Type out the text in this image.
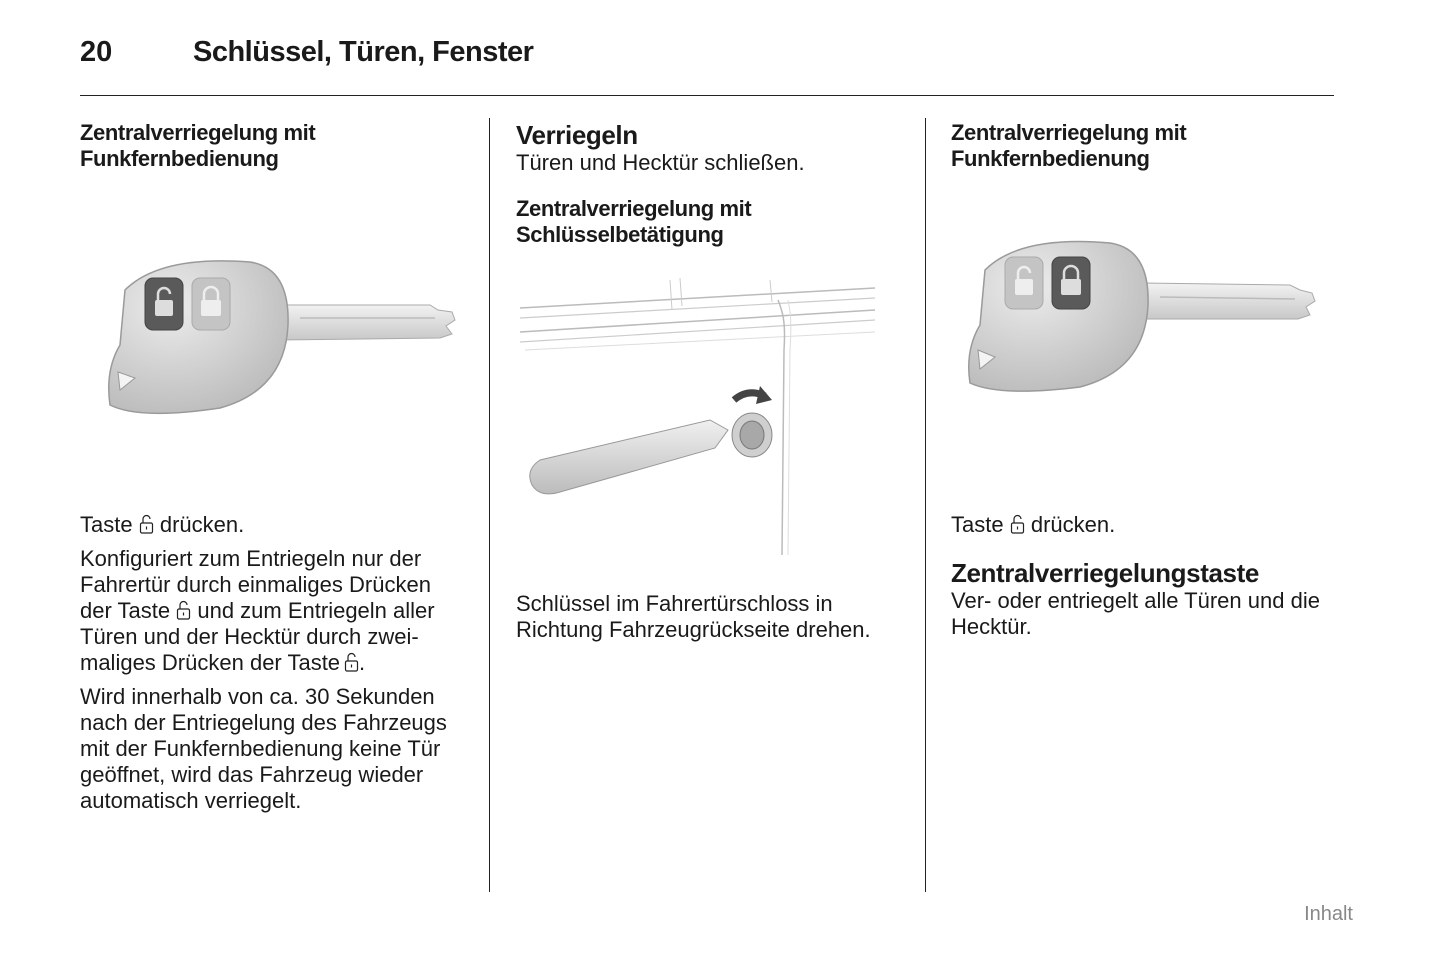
20	Schlüssel, Türen, Fenster

Zentralverriegelung mit
Funkfernbedienung

Taste drücken.

Konfiguriert zum Entriegeln nur der
Fahrertür durch einmaliges Drücken
der Taste und zum Entriegeln aller
Türen und der Hecktür durch zwei-
maliges Drücken der Taste .

Wird innerhalb von ca. 30 Sekunden
nach der Entriegelung des Fahrzeugs
mit der Funkfernbedienung keine Tür
geöffnet, wird das Fahrzeug wieder
automatisch verriegelt.

Verriegeln

Türen und Hecktür schließen.

Zentralverriegelung mit
Schlüsselbetätigung

Schlüssel im Fahrertürschloss in
Richtung Fahrzeugrückseite drehen.

Zentralverriegelung mit
Funkfernbedienung

Taste drücken.

Zentralverriegelungstaste

Ver- oder entriegelt alle Türen und die
Hecktür.

Inhalt
